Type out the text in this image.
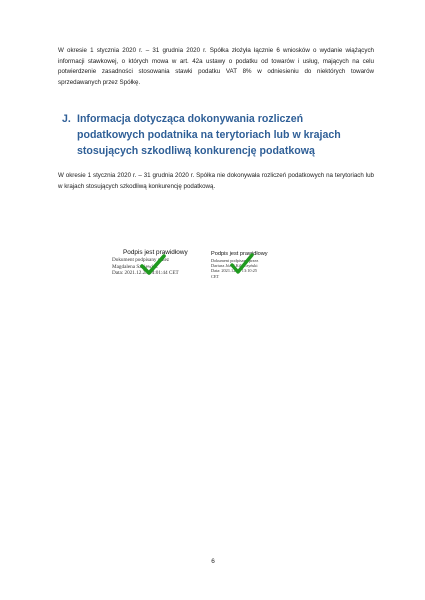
W okresie 1 stycznia 2020 r. – 31 grudnia 2020 r. Spółka złożyła łącznie 6 wniosków o wydanie wiążących informacji stawkowej, o których mowa w art. 42a ustawy o podatku od towarów i usług, mających na celu potwierdzenie zasadności stosowania stawki podatku VAT 8% w odniesieniu do niektórych towarów sprzedawanych przez Spółkę.

J. Informacja dotycząca dokonywania rozliczeń podatkowych podatnika na terytoriach lub w krajach stosujących szkodliwą konkurencję podatkową

W okresie 1 stycznia 2020 r. – 31 grudnia 2020 r. Spółka nie dokonywała rozliczeń podatkowych na terytoriach lub w krajach stosujących szkodliwą konkurencję podatkową.

Podpis jest prawidłowy
Dokument podpisany przez
Magdalena Szkiewicz
Data: 2021.12.28 14:01:44 CET
Podpis jest prawidłowy
Dokument podpisany przez
Dariusz Józef Kilińczyński
Data: 2021.12.30 13:10:25
CET
6
